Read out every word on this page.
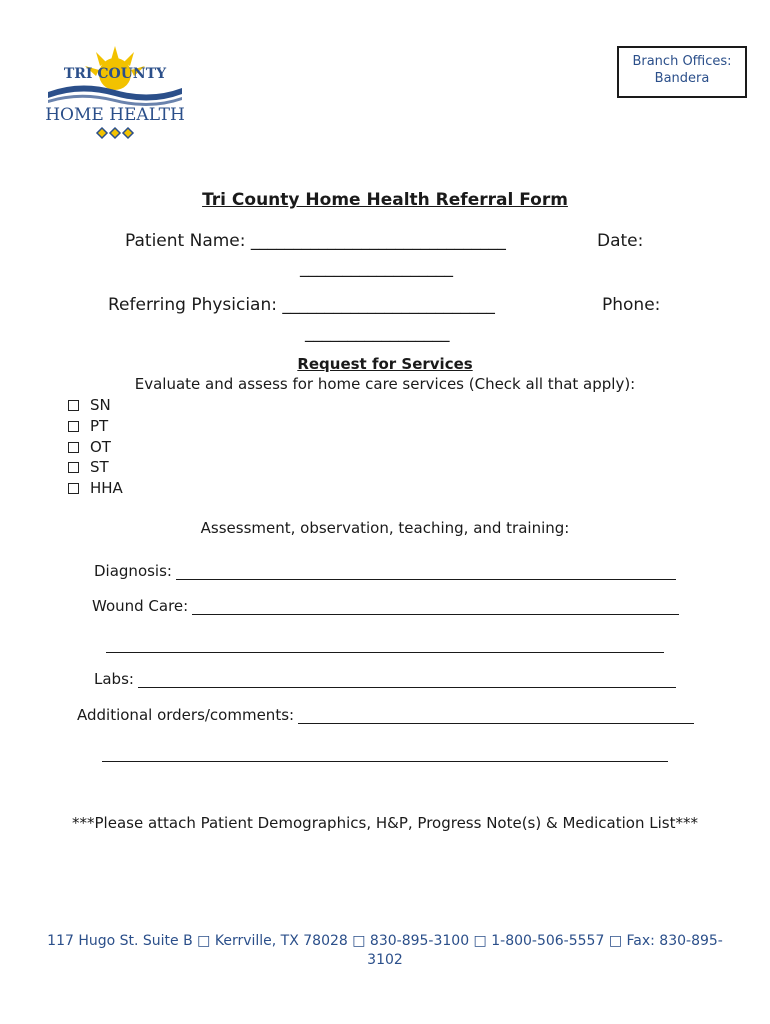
TRI COUNTY
HOME HEALTH
Branch Offices:
Bandera
Tri County Home Health Referral Form
Patient Name: ______________________________	Date:
__________________
Referring Physician: _________________________	Phone:
_________________
Request for Services
Evaluate and assess for home care services (Check all that apply):
SN
PT
OT
ST
HHA
Assessment, observation, teaching, and training:
Diagnosis:
Wound Care:
Labs:
Additional orders/comments:
***Please attach Patient Demographics, H&P, Progress Note(s) & Medication List***
117 Hugo St. Suite B □ Kerrville, TX 78028 □ 830-895-3100 □ 1-800-506-5557 □ Fax: 830-895-
3102
